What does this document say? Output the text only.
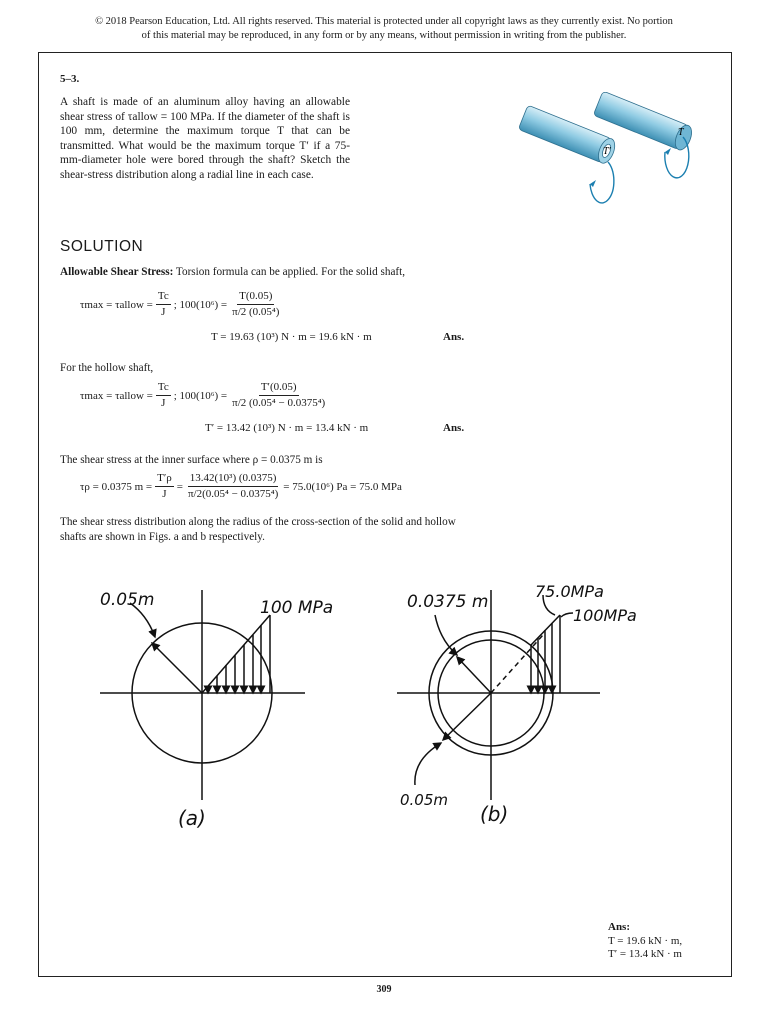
© 2018 Pearson Education, Ltd. All rights reserved. This material is protected under all copyright laws as they currently exist. No portion
of this material may be reproduced, in any form or by any means, without permission in writing from the publisher.
5–3.
A shaft is made of an aluminum alloy having an allowable shear stress of τallow = 100 MPa. If the diameter of the shaft is 100 mm, determine the maximum torque T that can be transmitted. What would be the maximum torque T′ if a 75-mm-diameter hole were bored through the shaft? Sketch the shear-stress distribution along a radial line in each case.
T
T′
SOLUTION
Allowable Shear Stress: Torsion formula can be applied. For the solid shaft,
τmax = τallow = $\frac{Tc}{J}$ ; $100(10^6) = \frac{T(0.05)}{\text{π/2 (0.05⁴)}}$
T = 19.63 (10³) N · m = 19.6 kN · m	Ans.
For the hollow shaft,
τmax = τallow = $\frac{Tc}{J}$ ; $100(10^6) = \frac{T'(0.05)}{\text{π/2 (0.05⁴ − 0.0375⁴)}}$
T′ = 13.42 (10³) N · m = 13.4 kN · m	Ans.
The shear stress at the inner surface where ρ = 0.0375 m is
τρ = 0.0375 $m = \frac{T'\rho}{J} = \frac{\text{13.42(10³) (0.0375)}}{\text{π/2(0.05⁴ − 0.0375⁴)}} = 75.0(10^6) Pa = 75.0$ MPa
The shear stress distribution along the radius of the cross-section of the solid and hollow shafts are shown in Figs. a and b respectively.
0.05m	100 MPa
(a)
0.0375 m
75.0MPa
100MPa
0.05m
(b)
Ans:
T = 19.6 kN · m,
T′ = 13.4 kN · m
309
